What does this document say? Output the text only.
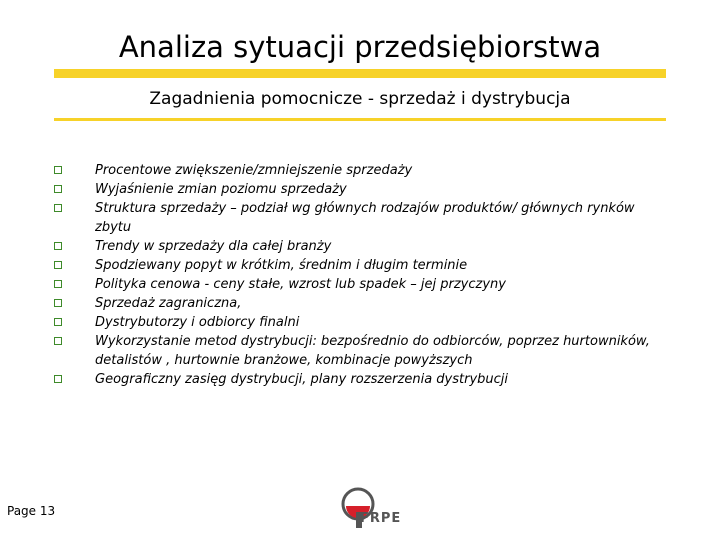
Analiza sytuacji przedsiębiorstwa
Zagadnienia pomocnicze - sprzedaż i dystrybucja
Procentowe zwiększenie/zmniejszenie sprzedaży
Wyjaśnienie zmian poziomu sprzedaży
Struktura sprzedaży – podział wg głównych rodzajów produktów/ głównych rynków zbytu
Trendy w sprzedaży dla całej branży
Spodziewany popyt w krótkim, średnim i długim terminie
Polityka cenowa - ceny stałe, wzrost lub spadek – jej przyczyny
Sprzedaż zagraniczna,
Dystrybutorzy i odbiorcy finalni
Wykorzystanie metod dystrybucji: bezpośrednio do odbiorców, poprzez hurtowników, detalistów , hurtownie branżowe, kombinacje powyższych
Geograficzny zasięg dystrybucji, plany rozszerzenia dystrybucji
Page 13	FRPE
